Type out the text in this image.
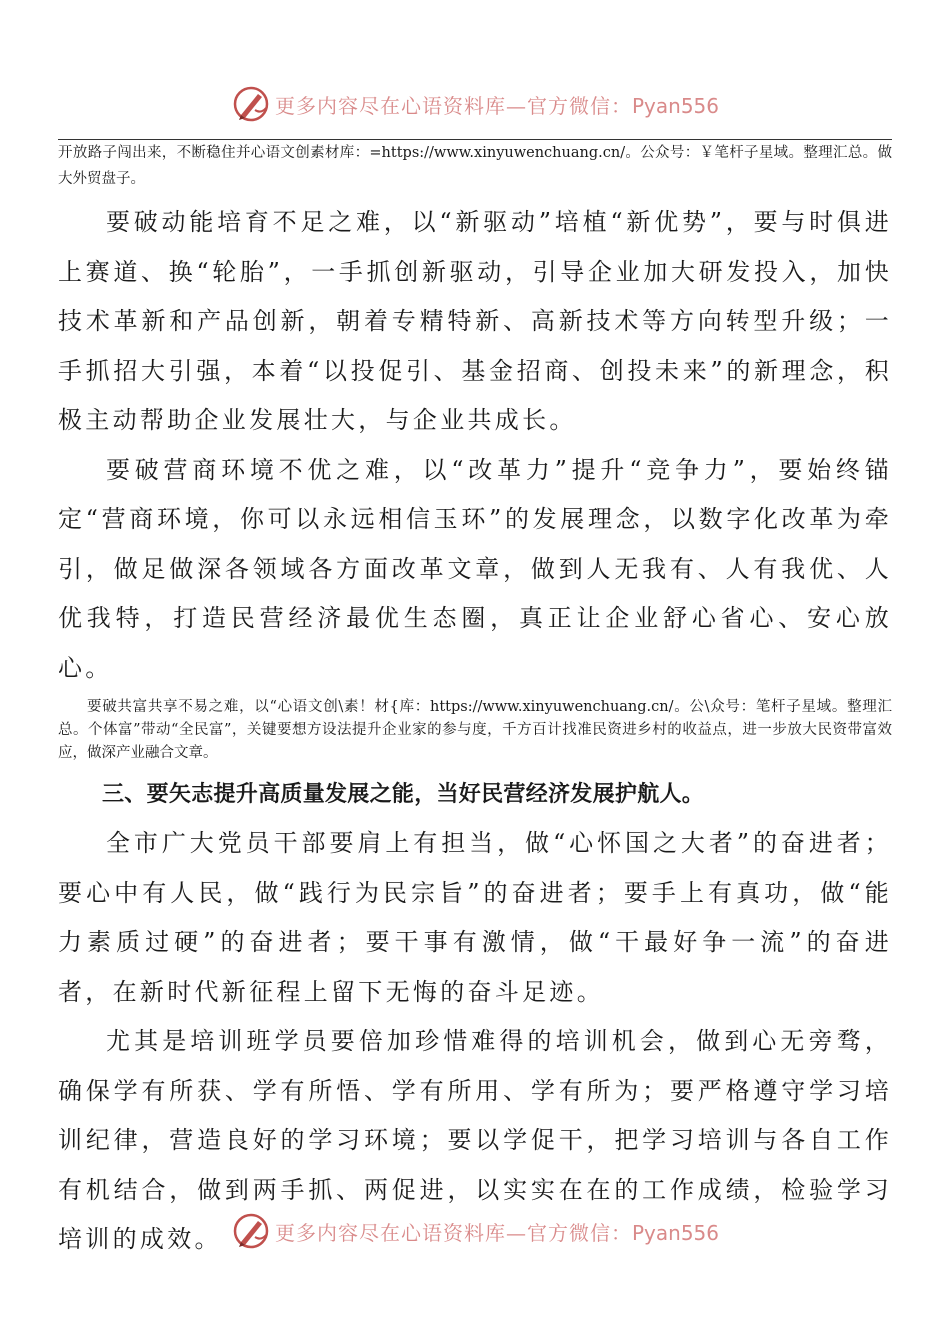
更多内容尽在心语资料库—官方微信：Pyan556

开放路子闯出来，不断稳住并心语文创素材库：=https://www.xinyuwenchuang.cn/。公众号：￥笔杆子星域。整理汇总。做大外贸盘子。

要破动能培育不足之难，以“新驱动”培植“新优势”，要与时俱进上赛道、换“轮胎”，一手抓创新驱动，引导企业加大研发投入，加快技术革新和产品创新，朝着专精特新、高新技术等方向转型升级；一手抓招大引强，本着“以投促引、基金招商、创投未来”的新理念，积极主动帮助企业发展壮大，与企业共成长。

要破营商环境不优之难，以“改革力”提升“竞争力”，要始终锚定“营商环境，你可以永远相信玉环”的发展理念，以数字化改革为牵引，做足做深各领域各方面改革文章，做到人无我有、人有我优、人优我特，打造民营经济最优生态圈，真正让企业舒心省心、安心放心。

要破共富共享不易之难，以“心语文创\素！材{库：https://www.xinyuwenchuang.cn/。公\众号：笔杆子星域。整理汇总。个体富”带动“全民富”，关键要想方设法提升企业家的参与度，千方百计找准民资进乡村的收益点，进一步放大民资带富效应，做深产业融合文章。

三、要矢志提升高质量发展之能，当好民营经济发展护航人。

全市广大党员干部要肩上有担当，做“心怀国之大者”的奋进者；要心中有人民，做“践行为民宗旨”的奋进者；要手上有真功，做“能力素质过硬”的奋进者；要干事有激情，做“干最好争一流”的奋进者，在新时代新征程上留下无悔的奋斗足迹。

尤其是培训班学员要倍加珍惜难得的培训机会，做到心无旁骛，确保学有所获、学有所悟、学有所用、学有所为；要严格遵守学习培训纪律，营造良好的学习环境；要以学促干，把学习培训与各自工作有机结合，做到两手抓、两促进，以实实在在的工作成绩，检验学习培训的成效。	更多内容尽在心语资料库—官方微信：Pyan556
